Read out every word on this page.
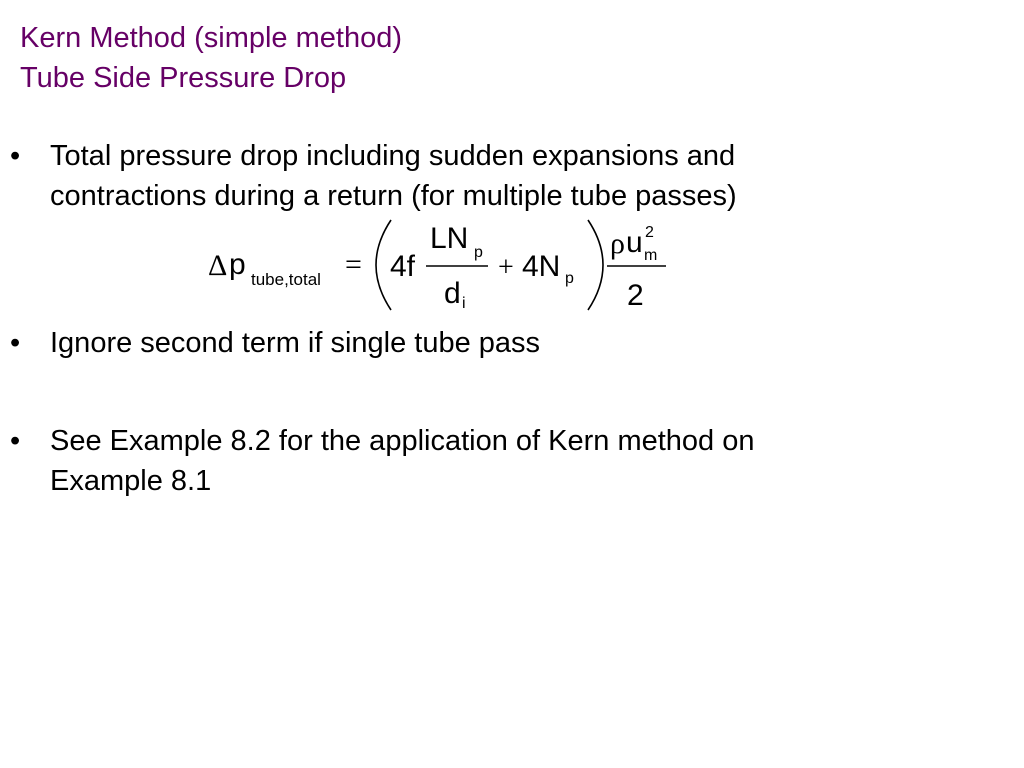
Kern Method (simple method)
Tube Side Pressure Drop
• Total pressure drop including sudden expansions and
contractions during a return (for multiple tube passes)
Δ p tube,total = 4f
LN p
d i
+ 4N p
ρ u 2
m
2
• Ignore second term if single tube pass
• See Example 8.2 for the application of Kern method on
Example 8.1
